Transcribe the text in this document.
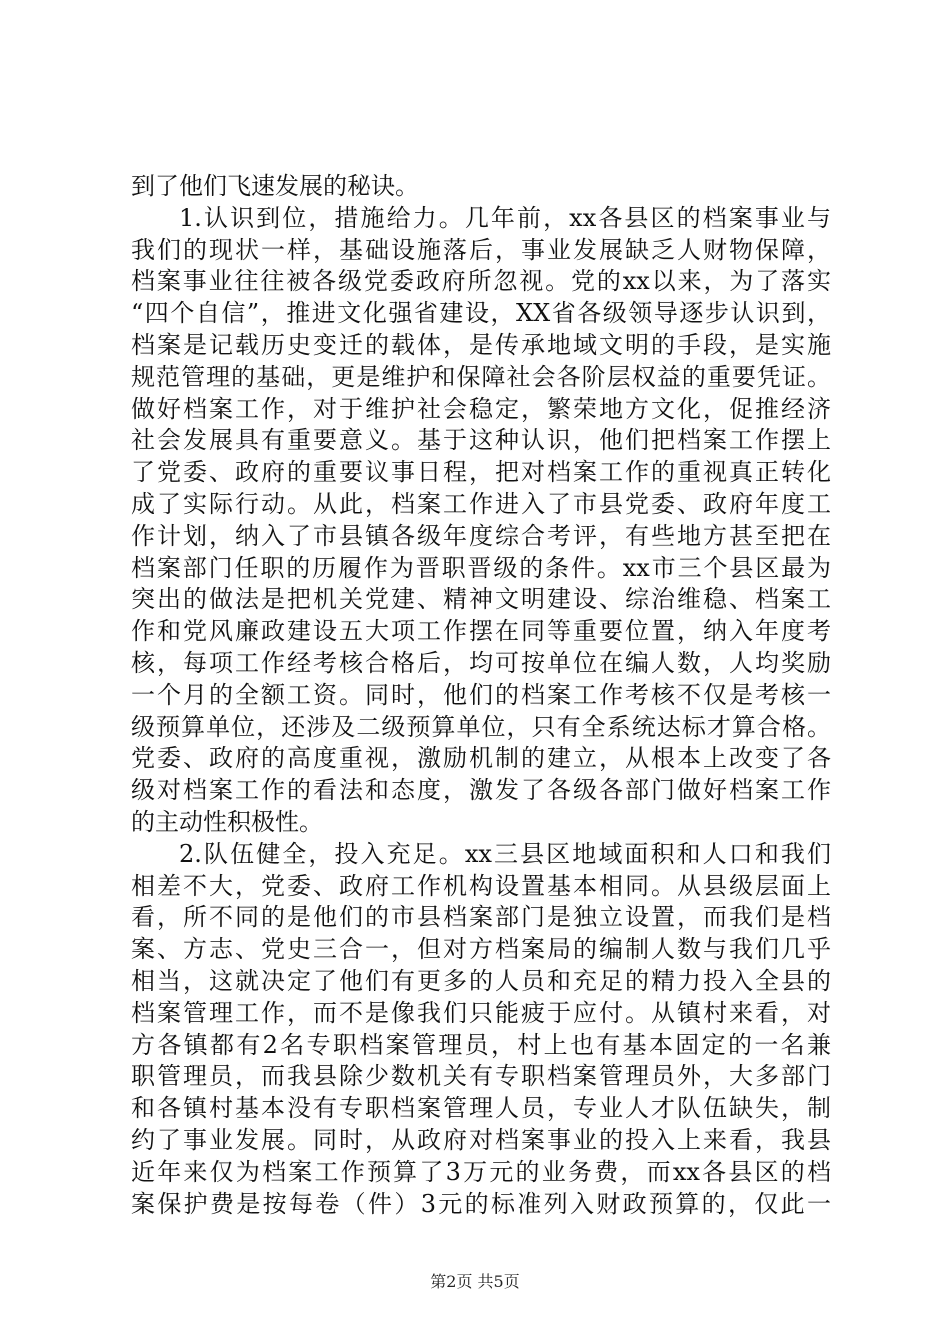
到了他们飞速发展的秘诀。
1.认识到位，措施给力。几年前，xx各县区的档案事业与
我们的现状一样，基础设施落后，事业发展缺乏人财物保障，
档案事业往往被各级党委政府所忽视。党的xx以来，为了落实
“四个自信”，推进文化强省建设，XX省各级领导逐步认识到，
档案是记载历史变迁的载体，是传承地域文明的手段，是实施
规范管理的基础，更是维护和保障社会各阶层权益的重要凭证。
做好档案工作，对于维护社会稳定，繁荣地方文化，促推经济
社会发展具有重要意义。基于这种认识，他们把档案工作摆上
了党委、政府的重要议事日程，把对档案工作的重视真正转化
成了实际行动。从此，档案工作进入了市县党委、政府年度工
作计划，纳入了市县镇各级年度综合考评，有些地方甚至把在
档案部门任职的历履作为晋职晋级的条件。xx市三个县区最为
突出的做法是把机关党建、精神文明建设、综治维稳、档案工
作和党风廉政建设五大项工作摆在同等重要位置，纳入年度考
核，每项工作经考核合格后，均可按单位在编人数，人均奖励
一个月的全额工资。同时，他们的档案工作考核不仅是考核一
级预算单位，还涉及二级预算单位，只有全系统达标才算合格。
党委、政府的高度重视，激励机制的建立，从根本上改变了各
级对档案工作的看法和态度，激发了各级各部门做好档案工作
的主动性积极性。
2.队伍健全，投入充足。xx三县区地域面积和人口和我们
相差不大，党委、政府工作机构设置基本相同。从县级层面上
看，所不同的是他们的市县档案部门是独立设置，而我们是档
案、方志、党史三合一，但对方档案局的编制人数与我们几乎
相当，这就决定了他们有更多的人员和充足的精力投入全县的
档案管理工作，而不是像我们只能疲于应付。从镇村来看，对
方各镇都有2名专职档案管理员，村上也有基本固定的一名兼
职管理员，而我县除少数机关有专职档案管理员外，大多部门
和各镇村基本没有专职档案管理人员，专业人才队伍缺失，制
约了事业发展。同时，从政府对档案事业的投入上来看，我县
近年来仅为档案工作预算了3万元的业务费，而xx各县区的档
案保护费是按每卷（件）3元的标准列入财政预算的，仅此一
第2页 共5页
